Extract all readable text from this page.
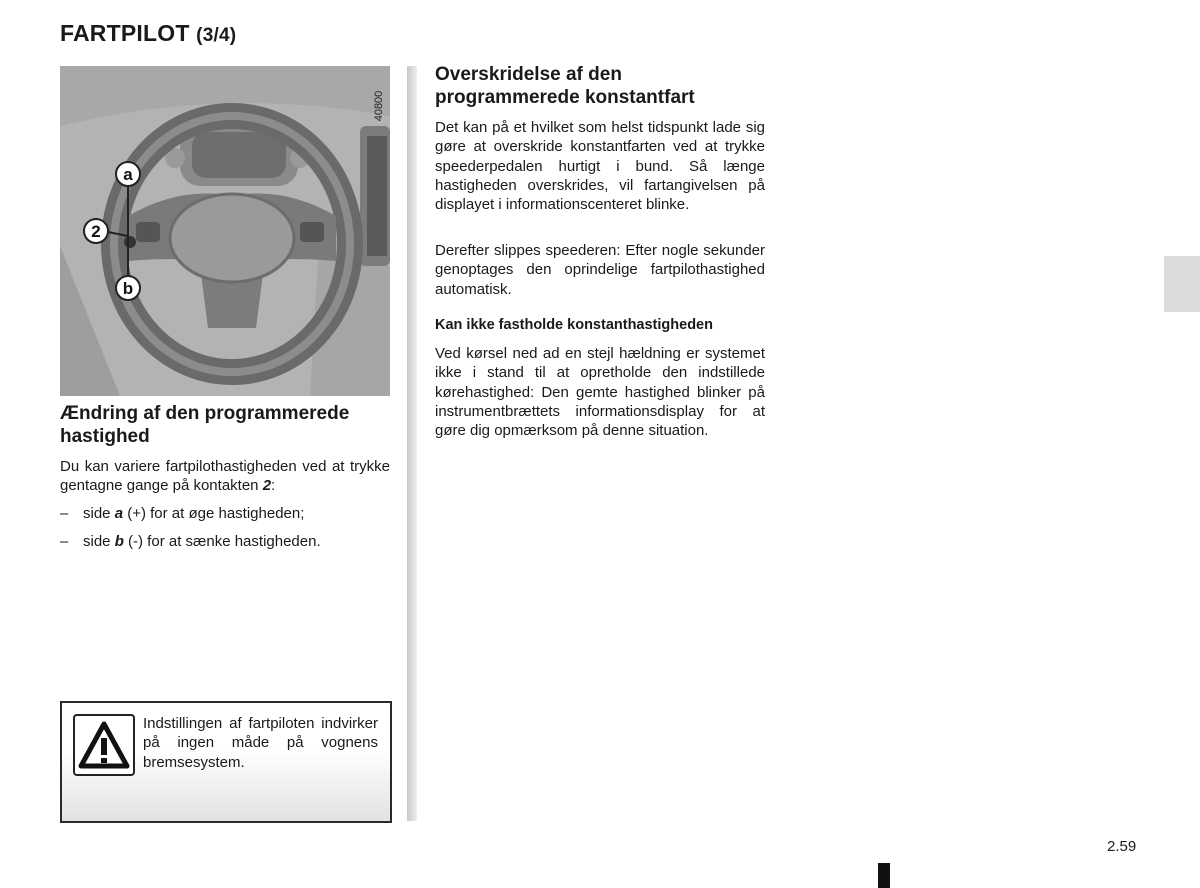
FARTPILOT (3/4)
a
2
b
40800
Ændring af den programmerede
hastighed
Du kan variere fartpilothastigheden ved at trykke gentagne gange på kontakten 2:
– side a (+) for at øge hastigheden;
– side b (-) for at sænke hastigheden.
Overskridelse af den
programmerede konstantfart
Det kan på et hvilket som helst tidspunkt lade sig gøre at overskride konstantfarten ved at trykke speederpedalen hurtigt i bund. Så længe hastigheden overskrides, vil fartangivelsen på displayet i informationscenteret blinke.
Derefter slippes speederen: Efter nogle sekunder genoptages den oprindelige fartpilothastighed automatisk.
Kan ikke fastholde konstanthastigheden
Ved kørsel ned ad en stejl hældning er systemet ikke i stand til at opretholde den indstillede kørehastighed: Den gemte hastighed blinker på instrumentbrættets informationsdisplay for at gøre dig opmærksom på denne situation.
Indstillingen af fartpiloten indvirker på ingen måde på vognens bremsesystem.
2.59
